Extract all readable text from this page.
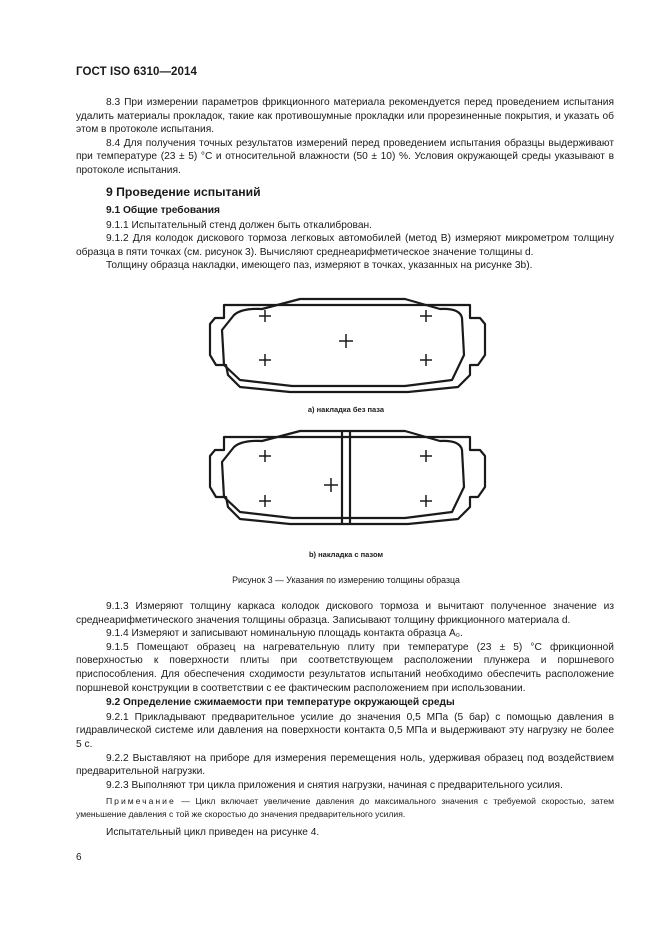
ГОСТ ISO 6310—2014

8.3 При измерении параметров фрикционного материала рекомендуется перед проведением испытания удалить материалы прокладок, такие как противошумные прокладки или прорезиненные покрытия, и указать об этом в протоколе испытания.

8.4 Для получения точных результатов измерений перед проведением испытания образцы выдерживают при температуре (23 ± 5) °С и относительной влажности (50 ± 10) %. Условия окружающей среды указывают в протоколе испытания.

9 Проведение испытаний

9.1 Общие требования

9.1.1 Испытательный стенд должен быть откалиброван.

9.1.2 Для колодок дискового тормоза легковых автомобилей (метод В) измеряют микрометром толщину образца в пяти точках (см. рисунок 3). Вычисляют среднеарифметическое значение толщины d.

Толщину образца накладки, имеющего паз, измеряют в точках, указанных на рисунке 3b).

а) накладка без паза
b) накладка с пазом
Рисунок 3 — Указания по измерению толщины образца

9.1.3 Измеряют толщину каркаса колодок дискового тормоза и вычитают полученное значение из среднеарифметического значения толщины образца. Записывают толщину фрикционного материала d.

9.1.4 Измеряют и записывают номинальную площадь контакта образца A₀.

9.1.5 Помещают образец на нагревательную плиту при температуре (23 ± 5) °С фрикционной поверхностью к поверхности плиты при соответствующем расположении плунжера и поршневого приспособления. Для обеспечения сходимости результатов испытаний необходимо обеспечить расположение поршневой конструкции в соответствии с ее фактическим расположением при использовании.

9.2 Определение сжимаемости при температуре окружающей среды

9.2.1 Прикладывают предварительное усилие до значения 0,5 МПа (5 бар) с помощью давления в гидравлической системе или давления на поверхности контакта 0,5 МПа и выдерживают эту нагрузку не более 5 с.

9.2.2 Выставляют на приборе для измерения перемещения ноль, удерживая образец под воздействием предварительной нагрузки.

9.2.3 Выполняют три цикла приложения и снятия нагрузки, начиная с предварительного усилия.

Примечание — Цикл включает увеличение давления до максимального значения с требуемой скоростью, затем уменьшение давления с той же скоростью до значения предварительного усилия.

Испытательный цикл приведен на рисунке 4.

6
